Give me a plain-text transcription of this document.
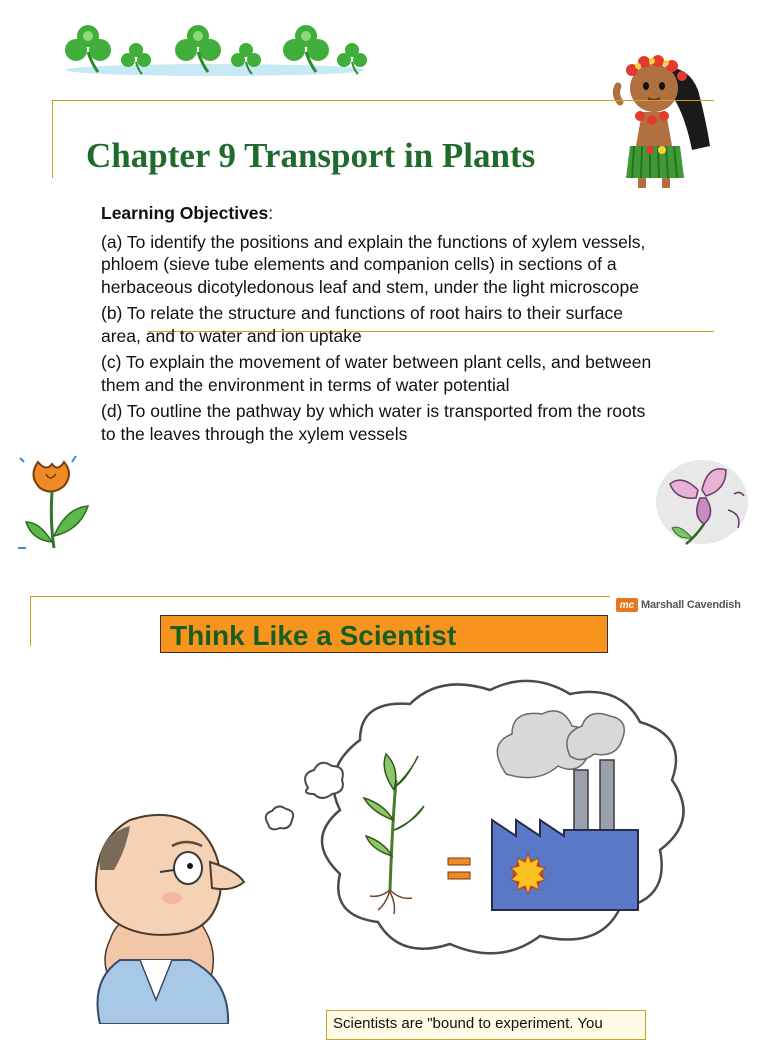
Chapter 9 Transport in Plants
Learning Objectives:
(a) To identify the positions and explain the functions of xylem vessels, phloem (sieve tube elements and companion cells) in sections of a herbaceous dicotyledonous leaf and stem, under the light microscope
(b) To relate the structure and functions of root hairs to their surface area, and to water and ion uptake
(c) To explain the movement of water between plant cells, and between them and the environment in terms of water potential
(d) To outline the pathway by which water is transported from the roots to the leaves through the xylem vessels
mc Marshall Cavendish
Think Like a Scientist
Scientists are "bound to experiment. You
